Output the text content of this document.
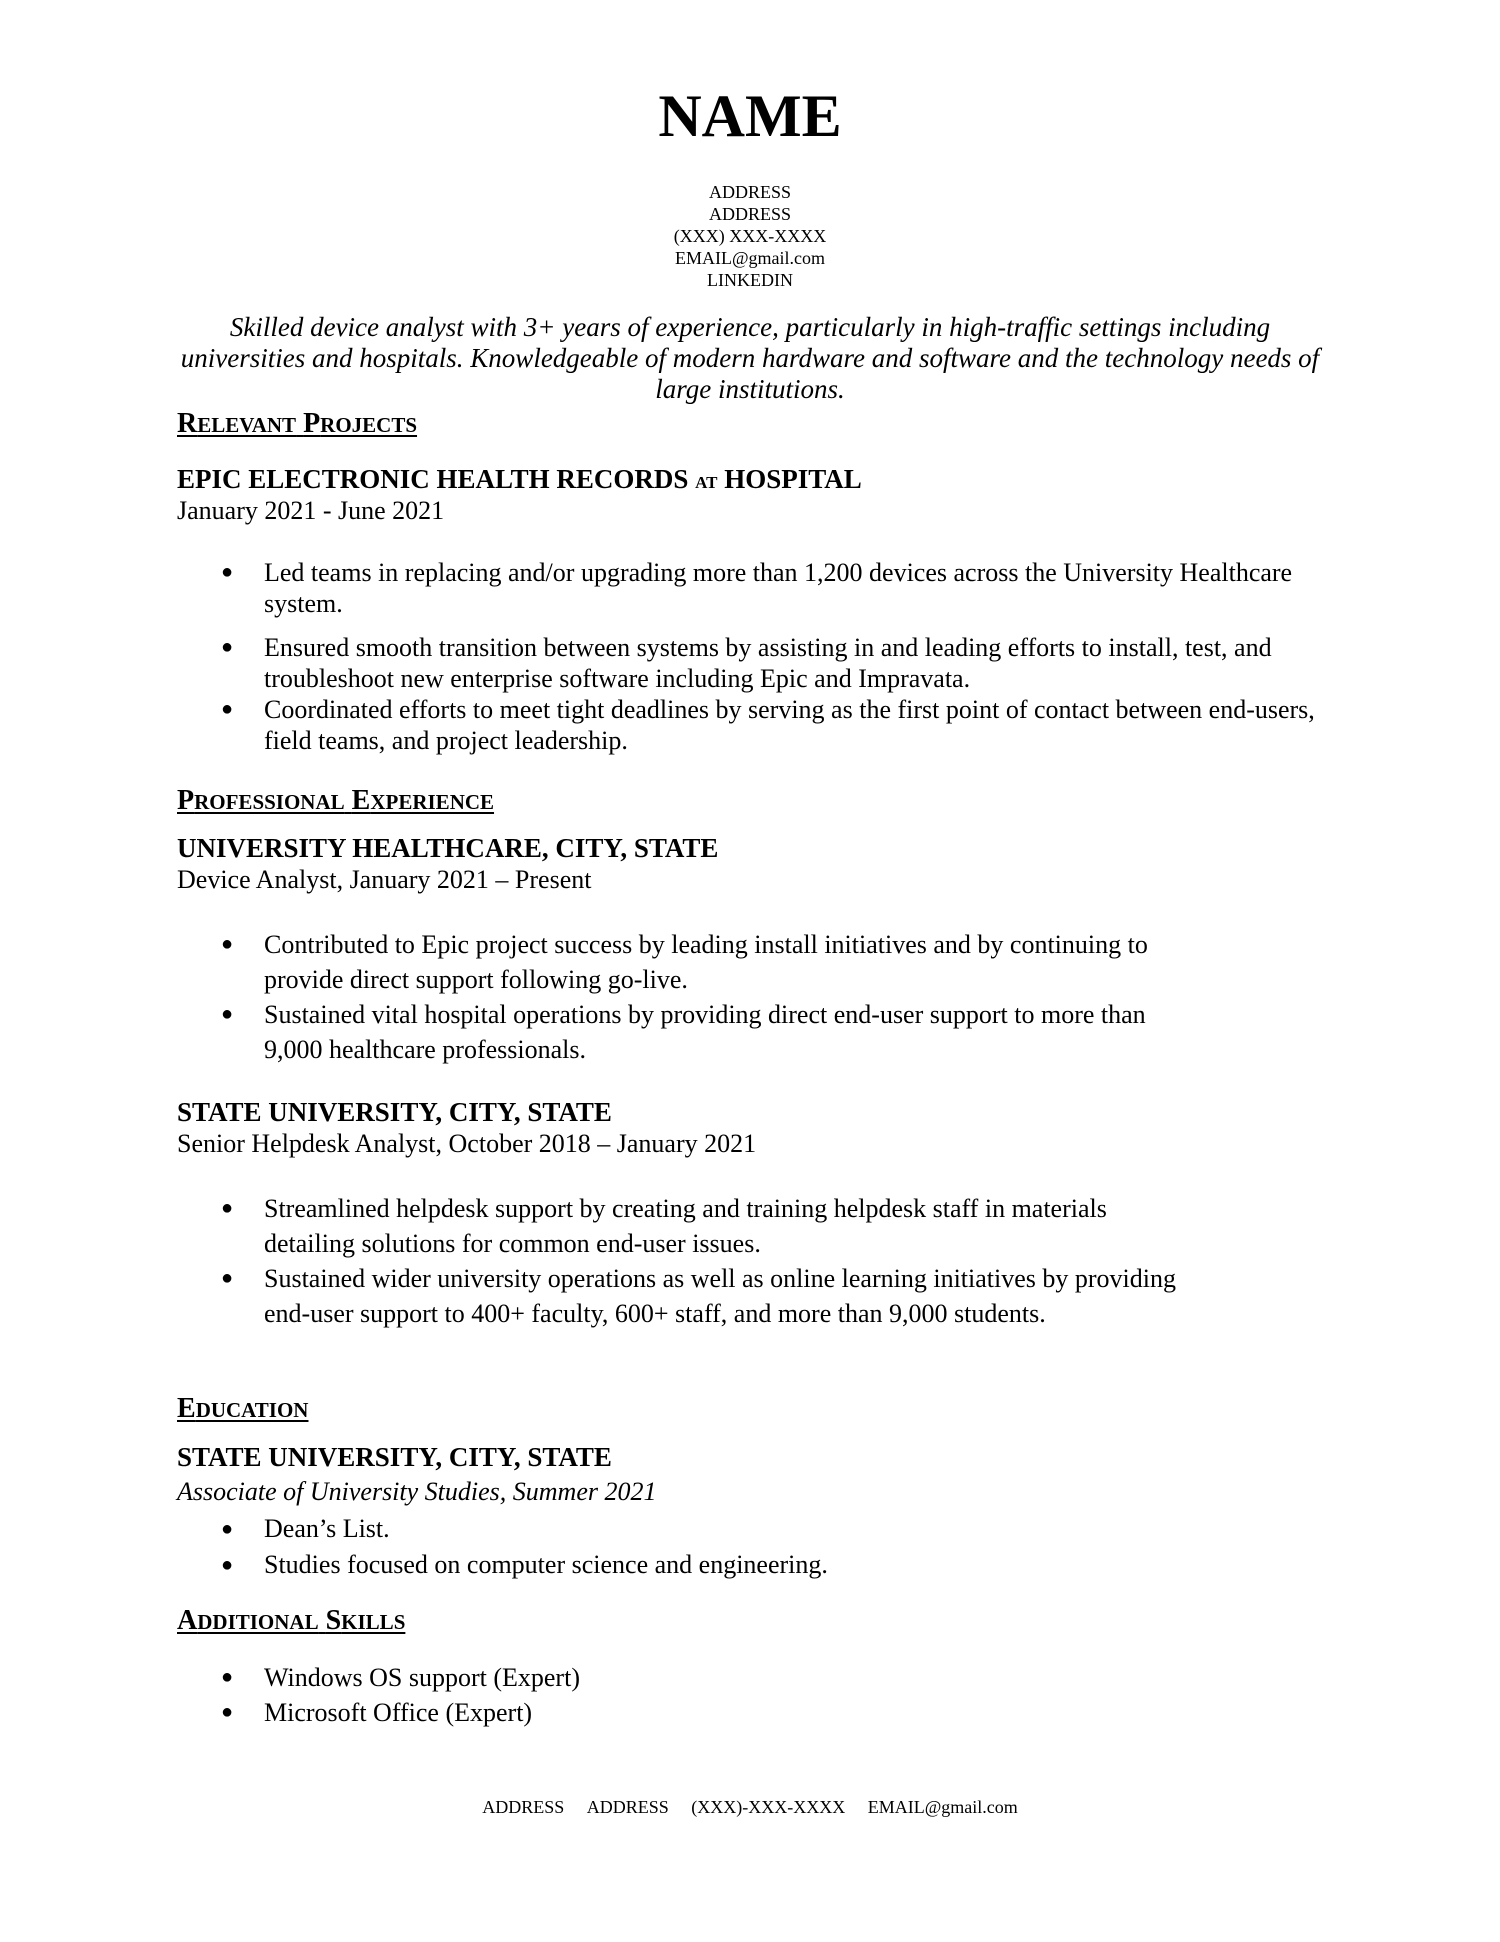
NAME
ADDRESS
ADDRESS
(XXX) XXX-XXXX
EMAIL@gmail.com
LINKEDIN
Skilled device analyst with 3+ years of experience, particularly in high-traffic settings including universities and hospitals. Knowledgeable of modern hardware and software and the technology needs of large institutions.
RELEVANT PROJECTS
EPIC ELECTRONIC HEALTH RECORDS AT HOSPITAL
January 2021 - June 2021
● Led teams in replacing and/or upgrading more than 1,200 devices across the University Healthcare system.
● Ensured smooth transition between systems by assisting in and leading efforts to install, test, and troubleshoot new enterprise software including Epic and Impravata.
● Coordinated efforts to meet tight deadlines by serving as the first point of contact between end-users, field teams, and project leadership.
PROFESSIONAL EXPERIENCE
UNIVERSITY HEALTHCARE, CITY, STATE
Device Analyst, January 2021 – Present
● Contributed to Epic project success by leading install initiatives and by continuing to provide direct support following go-live.
● Sustained vital hospital operations by providing direct end-user support to more than 9,000 healthcare professionals.
STATE UNIVERSITY, CITY, STATE
Senior Helpdesk Analyst, October 2018 – January 2021
● Streamlined helpdesk support by creating and training helpdesk staff in materials detailing solutions for common end-user issues.
● Sustained wider university operations as well as online learning initiatives by providing end-user support to 400+ faculty, 600+ staff, and more than 9,000 students.
EDUCATION
STATE UNIVERSITY, CITY, STATE
Associate of University Studies, Summer 2021
● Dean’s List.
● Studies focused on computer science and engineering.
ADDITIONAL SKILLS
● Windows OS support (Expert)
● Microsoft Office (Expert)
ADDRESS ADDRESS (XXX)-XXX-XXXX EMAIL@gmail.com
